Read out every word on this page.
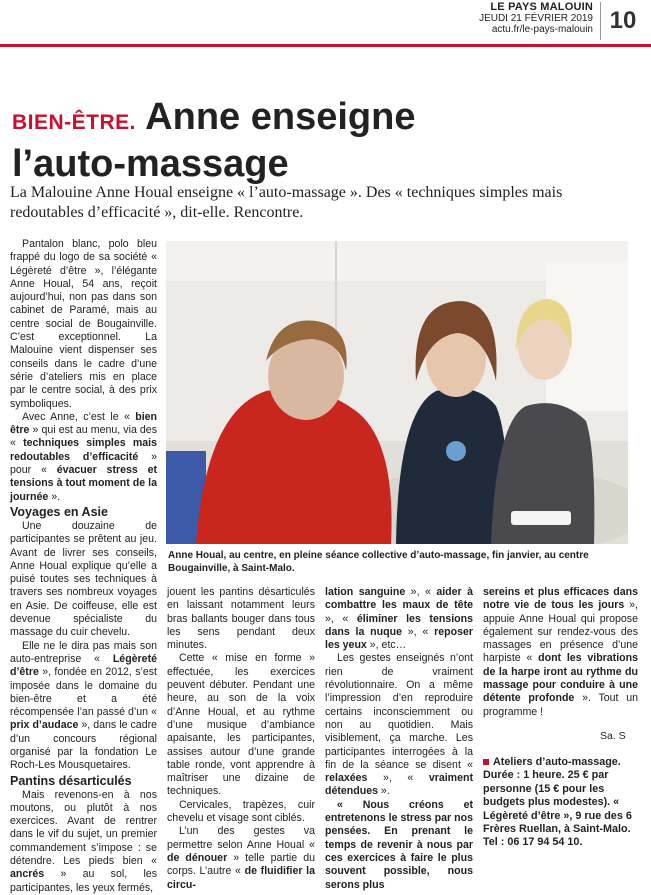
LE PAYS MALOUIN
JEUDI 21 FÉVRIER 2019
actu.fr/le-pays-malouin 10
BIEN-ÊTRE. Anne enseigne
l’auto-massage
La Malouine Anne Houal enseigne « l’auto-massage ». Des « techniques simples mais redoutables d’efficacité », dit-elle. Rencontre.

Pantalon blanc, polo bleu frappé du logo de sa société « Légèreté d’être », l’élégante Anne Houal, 54 ans, reçoit aujourd’hui, non pas dans son cabinet de Paramé, mais au centre social de Bougainville. C’est exceptionnel. La Malouine vient dispenser ses conseils dans le cadre d’une série d’ateliers mis en place par le centre social, à des prix symboliques.

Avec Anne, c’est le « bien être » qui est au menu, via des « techniques simples mais redoutables d’efficacité » pour « évacuer stress et tensions à tout moment de la journée ».

Voyages en Asie

Une douzaine de participantes se prêtent au jeu. Avant de livrer ses conseils, Anne Houal explique qu’elle a puisé toutes ses techniques à travers ses nombreux voyages en Asie. De coiffeuse, elle est devenue spécialiste du massage du cuir chevelu.

Elle ne le dira pas mais son auto-entreprise « Légèreté d’être », fondée en 2012, s’est imposée dans le domaine du bien-être et a été récompensée l’an passé d’un « prix d’audace », dans le cadre d’un concours régional organisé par la fondation Le Roch-Les Mousquetaires.

Pantins désarticulés

Mais revenons-en à nos moutons, ou plutôt à nos exercices. Avant de rentrer dans le vif du sujet, un premier commandement s’impose : se détendre. Les pieds bien « ancrés » au sol, les participantes, les yeux fermés,

Anne Houal, au centre, en pleine séance collective d’auto-massage, fin janvier, au centre Bougainville, à Saint-Malo.

jouent les pantins désarticulés en laissant notamment leurs bras ballants bouger dans tous les sens pendant deux minutes.

Cette « mise en forme » effectuée, les exercices peuvent débuter. Pendant une heure, au son de la voix d’Anne Houal, et au rythme d’une musique d’ambiance apaisante, les participantes, assises autour d’une grande table ronde, vont apprendre à maîtriser une dizaine de techniques.

Cervicales, trapèzes, cuir chevelu et visage sont ciblés.

L’un des gestes va permettre selon Anne Houal « de dénouer » telle partie du corps. L’autre « de fluidifier la circu-

lation sanguine », « aider à combattre les maux de tête », « éliminer les tensions dans la nuque », « reposer les yeux », etc…

Les gestes enseignés n’ont rien de vraiment révolutionnaire. On a même l’impression d’en reproduire certains inconsciemment ou non au quotidien. Mais visiblement, ça marche. Les participantes interrogées à la fin de la séance se disent « relaxées », « vraiment détendues ».

« Nous créons et entretenons le stress par nos pensées. En prenant le temps de revenir à nous par ces exercices à faire le plus souvent possible, nous serons plus

sereins et plus efficaces dans notre vie de tous les jours », appuie Anne Houal qui propose également sur rendez-vous des massages en présence d’une harpiste « dont les vibrations de la harpe iront au rythme du massage pour conduire à une détente profonde ». Tout un programme !

Sa. S
Ateliers d’auto-massage. Durée : 1 heure. 25 € par personne (15 € pour les budgets plus modestes). « Légèreté d’être », 9 rue des 6 Frères Ruellan, à Saint-Malo. Tel : 06 17 94 54 10.
